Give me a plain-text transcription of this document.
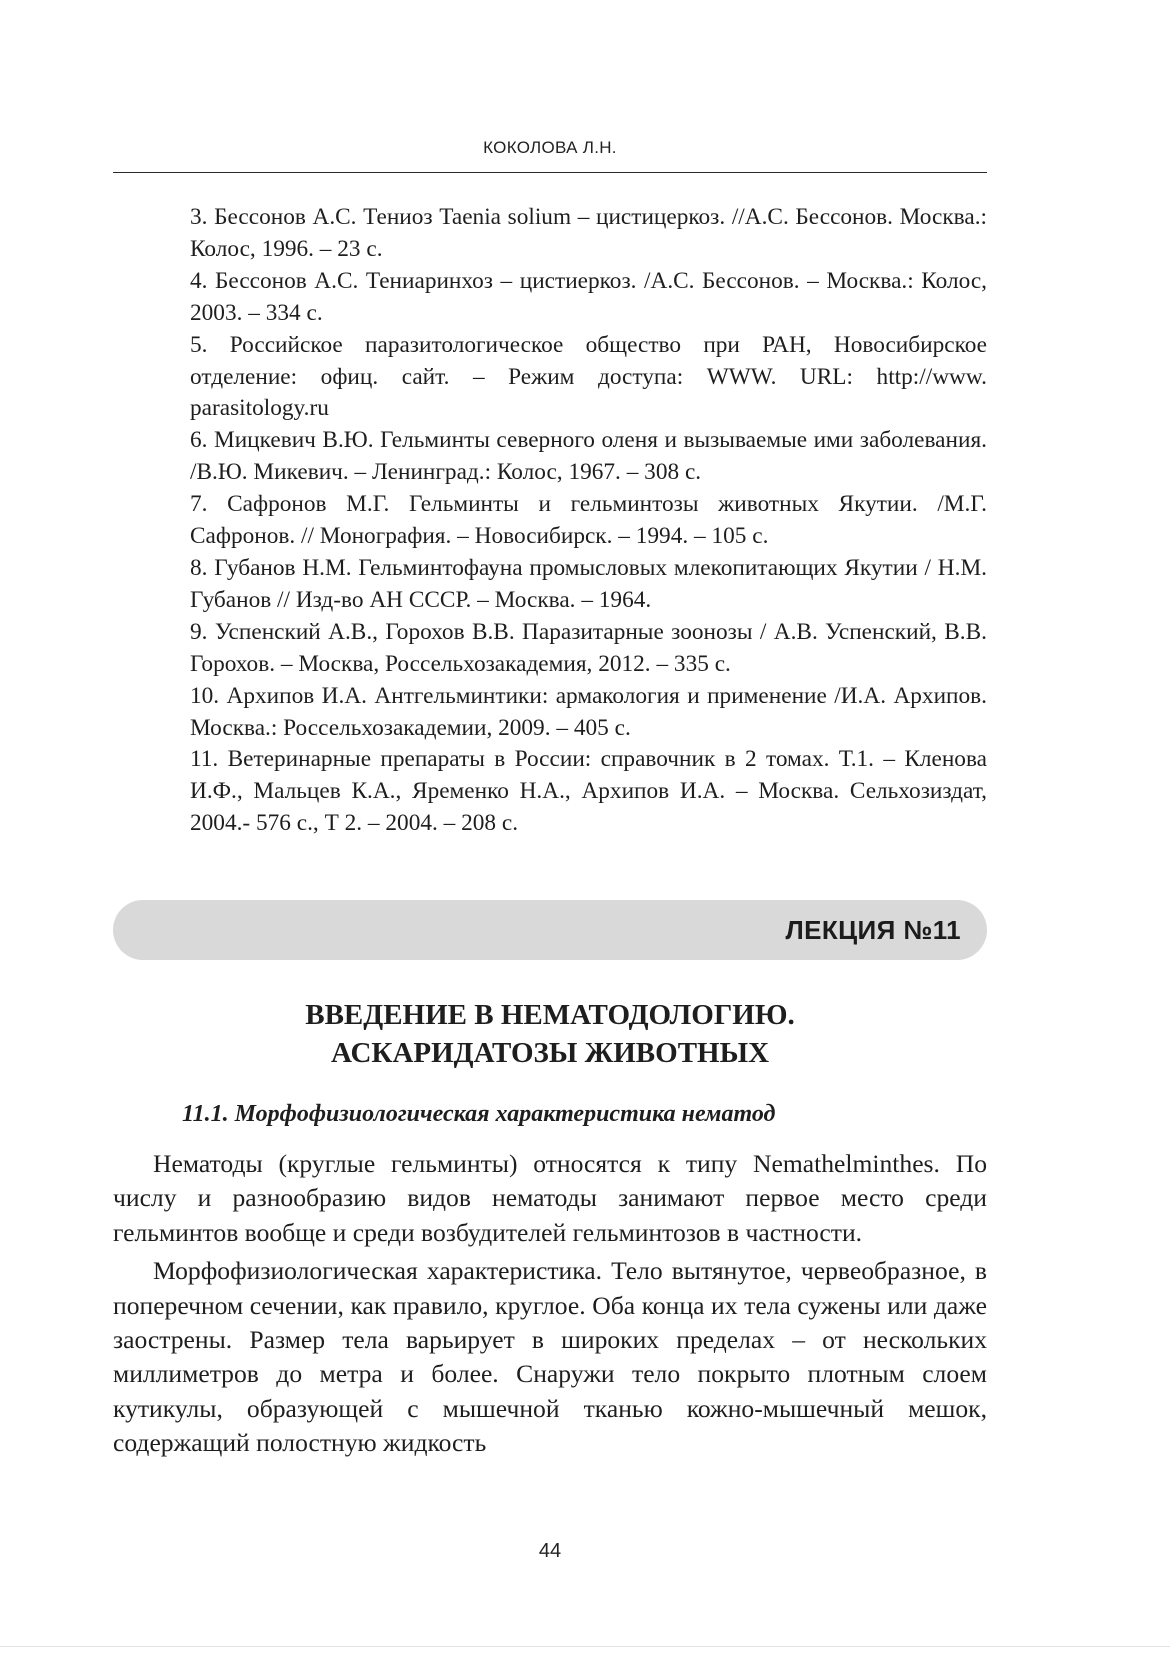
КОКОЛОВА Л.Н.

3. Бессонов А.С. Тениоз Taenia solium – цистицеркоз. //А.С. Бессонов. Москва.: Колос, 1996. – 23 с.

4. Бессонов А.С. Тениаринхоз – цистиеркоз. /А.С. Бессонов. – Москва.: Колос, 2003. – 334 с.

5. Российское паразитологическое общество при РАН, Новосибирское отделение: офиц. сайт. – Режим доступа: WWW. URL: http://www. parasitology.ru

6. Мицкевич В.Ю. Гельминты северного оленя и вызываемые ими заболевания. /В.Ю. Микевич. – Ленинград.: Колос, 1967. – 308 с.

7. Сафронов М.Г. Гельминты и гельминтозы животных Якутии. /М.Г. Сафронов. // Монография. – Новосибирск. – 1994. – 105 с.

8. Губанов Н.М. Гельминтофауна промысловых млекопитающих Якутии / Н.М. Губанов // Изд-во АН СССР. – Москва. – 1964.

9. Успенский А.В., Горохов В.В. Паразитарные зоонозы / А.В. Успенский, В.В. Горохов. – Москва, Россельхозакадемия, 2012. – 335 с.

10. Архипов И.А. Антгельминтики: армакология и применение /И.А. Архипов. Москва.: Россельхозакадемии, 2009. – 405 с.

11. Ветеринарные препараты в России: справочник в 2 томах. Т.1. – Кленова И.Ф., Мальцев К.А., Яременко Н.А., Архипов И.А. – Москва. Сельхозиздат, 2004.- 576 с., Т 2. – 2004. – 208 с.

ЛЕКЦИЯ №11
ВВЕДЕНИЕ В НЕМАТОДОЛОГИЮ.
АСКАРИДАТОЗЫ ЖИВОТНЫХ
11.1. Морфофизиологическая характеристика нематод

Нематоды (круглые гельминты) относятся к типу Nemathelminthes. По числу и разнообразию видов нематоды занимают первое место среди гельминтов вообще и среди возбудителей гельминтозов в частности.

Морфофизиологическая характеристика. Тело вытянутое, червеобразное, в поперечном сечении, как правило, круглое. Оба конца их тела сужены или даже заострены. Размер тела варьирует в широких пределах – от нескольких миллиметров до метра и более. Снаружи тело покрыто плотным слоем кутикулы, образующей с мышечной тканью кожно-мышечный мешок, содержащий полостную жидкость

44
